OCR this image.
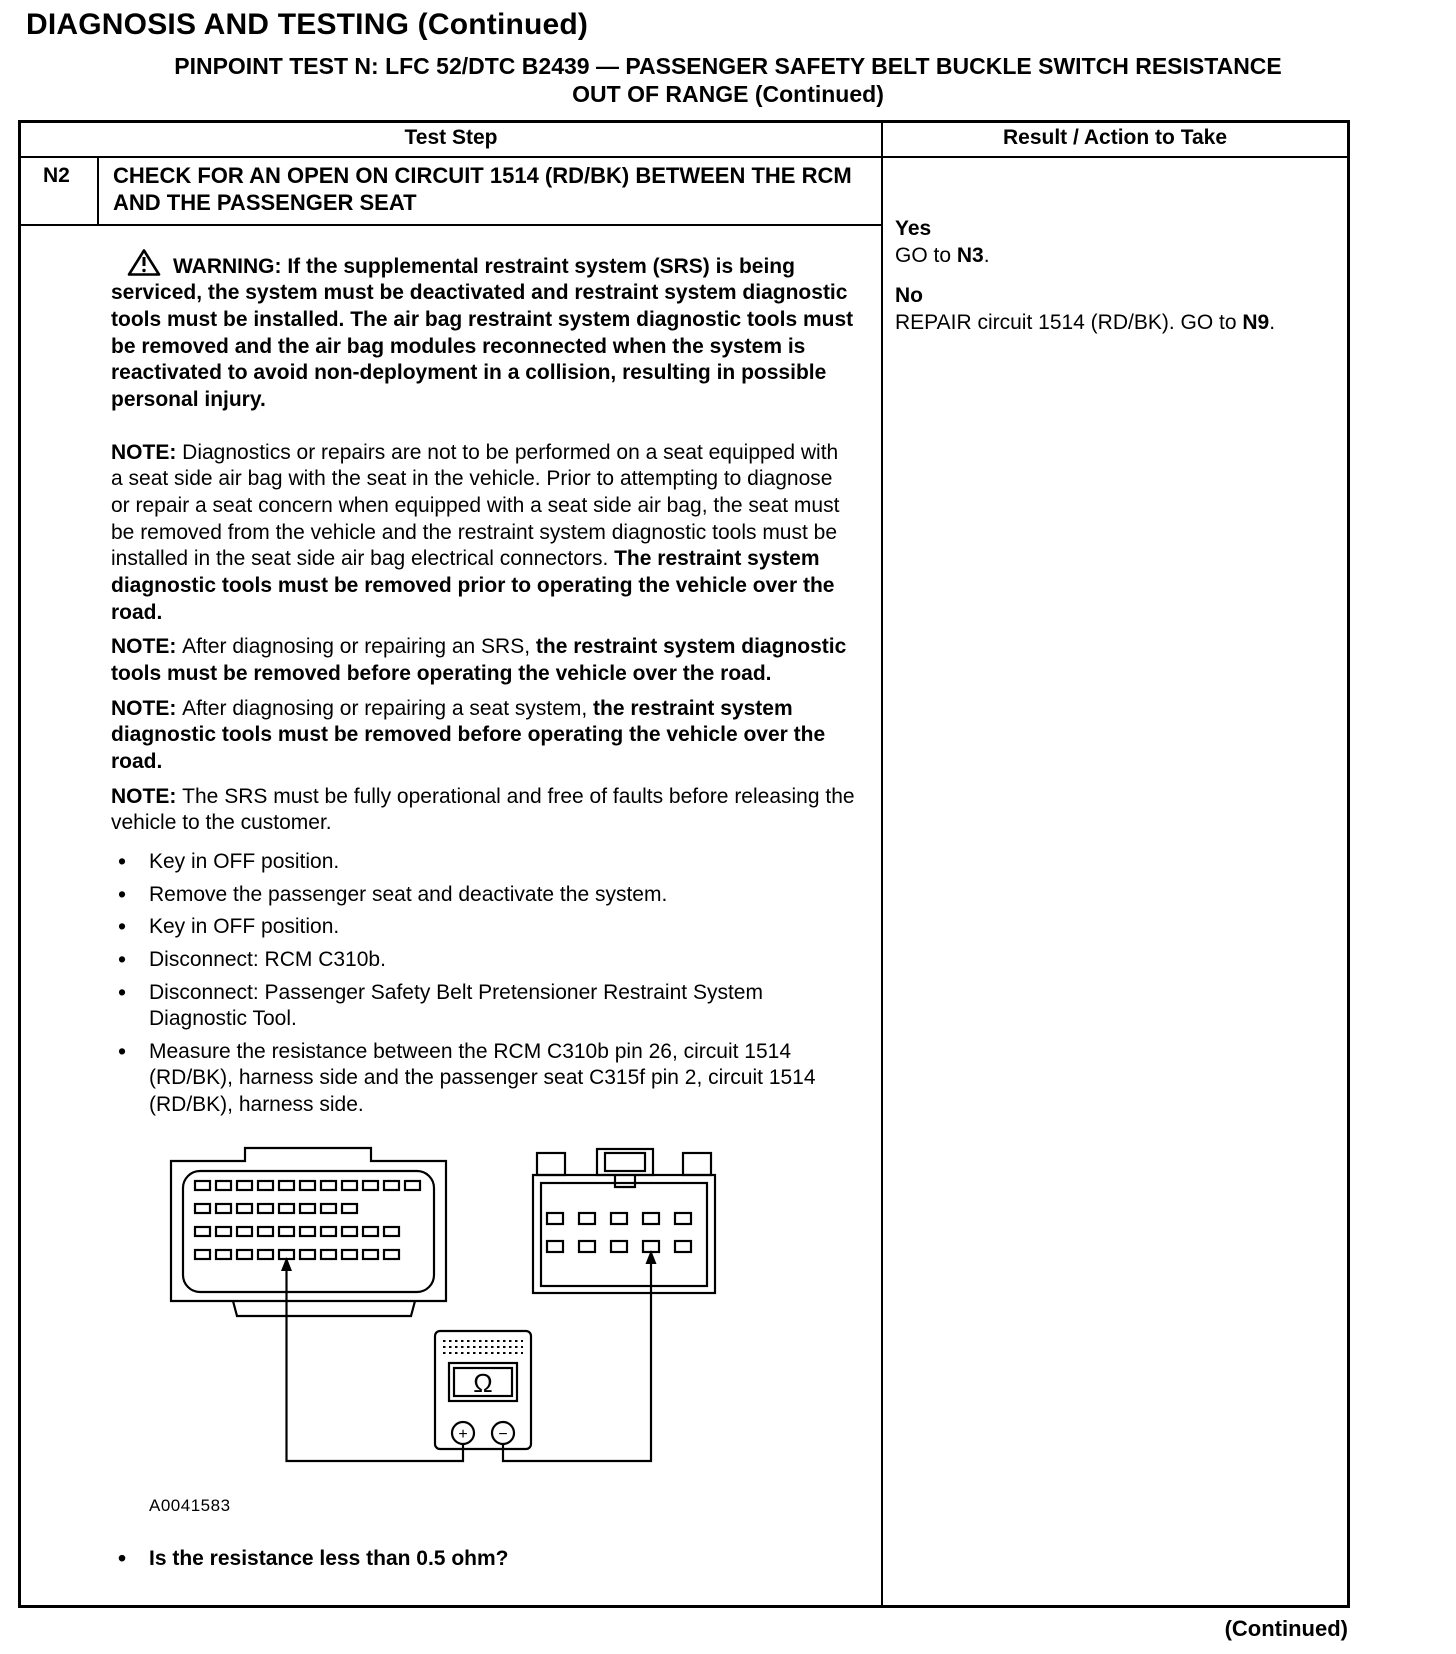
DIAGNOSIS AND TESTING (Continued)
PINPOINT TEST N: LFC 52/DTC B2439 — PASSENGER SAFETY BELT BUCKLE SWITCH RESISTANCE
OUT OF RANGE (Continued)
Test Step	Result / Action to Take
N2	CHECK FOR AN OPEN ON CIRCUIT 1514 (RD/BK) BETWEEN THE RCM AND THE PASSENGER SEAT

WARNING: If the supplemental restraint system (SRS) is being serviced, the system must be deactivated and restraint system diagnostic tools must be installed. The air bag restraint system diagnostic tools must be removed and the air bag modules reconnected when the system is reactivated to avoid non-deployment in a collision, resulting in possible personal injury.

NOTE: Diagnostics or repairs are not to be performed on a seat equipped with a seat side air bag with the seat in the vehicle. Prior to attempting to diagnose or repair a seat concern when equipped with a seat side air bag, the seat must be removed from the vehicle and the restraint system diagnostic tools must be installed in the seat side air bag electrical connectors. The restraint system diagnostic tools must be removed prior to operating the vehicle over the road.

NOTE: After diagnosing or repairing an SRS, the restraint system diagnostic tools must be removed before operating the vehicle over the road.

NOTE: After diagnosing or repairing a seat system, the restraint system diagnostic tools must be removed before operating the vehicle over the road.

NOTE: The SRS must be fully operational and free of faults before releasing the vehicle to the customer.

• Key in OFF position.
• Remove the passenger seat and deactivate the system.
• Key in OFF position.
• Disconnect: RCM C310b.
• Disconnect: Passenger Safety Belt Pretensioner Restraint System Diagnostic Tool.
• Measure the resistance between the RCM C310b pin 26, circuit 1514 (RD/BK), harness side and the passenger seat C315f pin 2, circuit 1514 (RD/BK), harness side.
Ω
+ −
A0041583
• Is the resistance less than 0.5 ohm?
Yes
GO to N3.
No
REPAIR circuit 1514 (RD/BK). GO to N9.
(Continued)
